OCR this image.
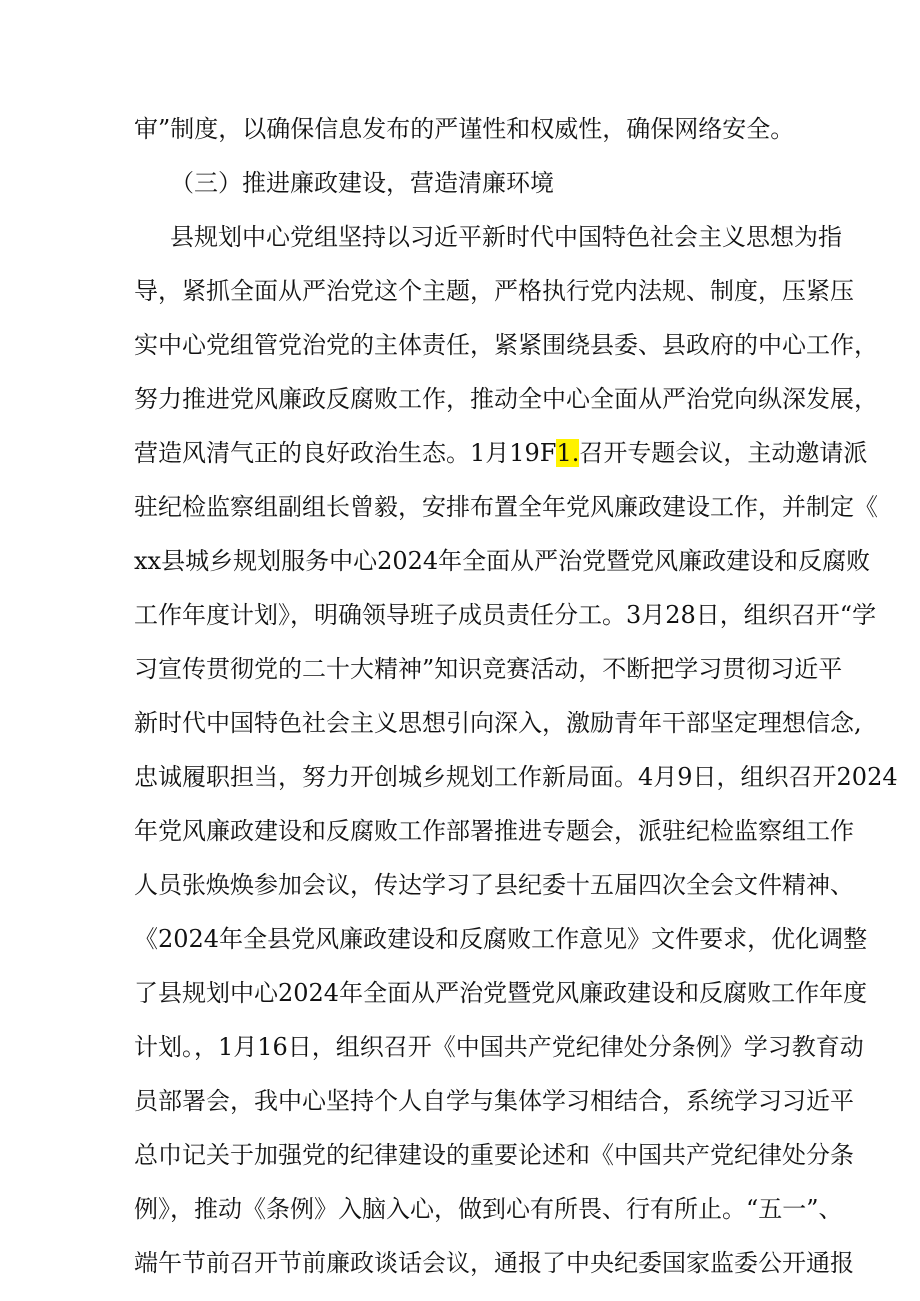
审”制度，以确保信息发布的严谨性和权威性，确保网络安全。
（三）推进廉政建设，营造清廉环境
县规划中心党组坚持以习近平新时代中国特色社会主义思想为指
导，紧抓全面从严治党这个主题，严格执行党内法规、制度，压紧压
实中心党组管党治党的主体责任，紧紧围绕县委、县政府的中心工作，
努力推进党风廉政反腐败工作，推动全中心全面从严治党向纵深发展，
营造风清气正的良好政治生态。1月19F1.召开专题会议，主动邀请派
驻纪检监察组副组长曾毅，安排布置全年党风廉政建设工作，并制定《
xx县城乡规划服务中心2024年全面从严治党暨党风廉政建设和反腐败
工作年度计划》，明确领导班子成员责任分工。3月28日，组织召开“学
习宣传贯彻党的二十大精神”知识竞赛活动，不断把学习贯彻习近平
新时代中国特色社会主义思想引向深入，激励青年干部坚定理想信念,
忠诚履职担当，努力开创城乡规划工作新局面。4月9日，组织召开2024
年党风廉政建设和反腐败工作部署推进专题会，派驻纪检监察组工作
人员张焕焕参加会议，传达学习了县纪委十五届四次全会文件精神、
《2024年全县党风廉政建设和反腐败工作意见》文件要求，优化调整
了县规划中心2024年全面从严治党暨党风廉政建设和反腐败工作年度
计划。，1月16日，组织召开《中国共产党纪律处分条例》学习教育动
员部署会，我中心坚持个人自学与集体学习相结合，系统学习习近平
总巾记关于加强党的纪律建设的重要论述和《中国共产党纪律处分条
例》，推动《条例》入脑入心，做到心有所畏、行有所止。“五一”、
端午节前召开节前廉政谈话会议，通报了中央纪委国家监委公开通报
